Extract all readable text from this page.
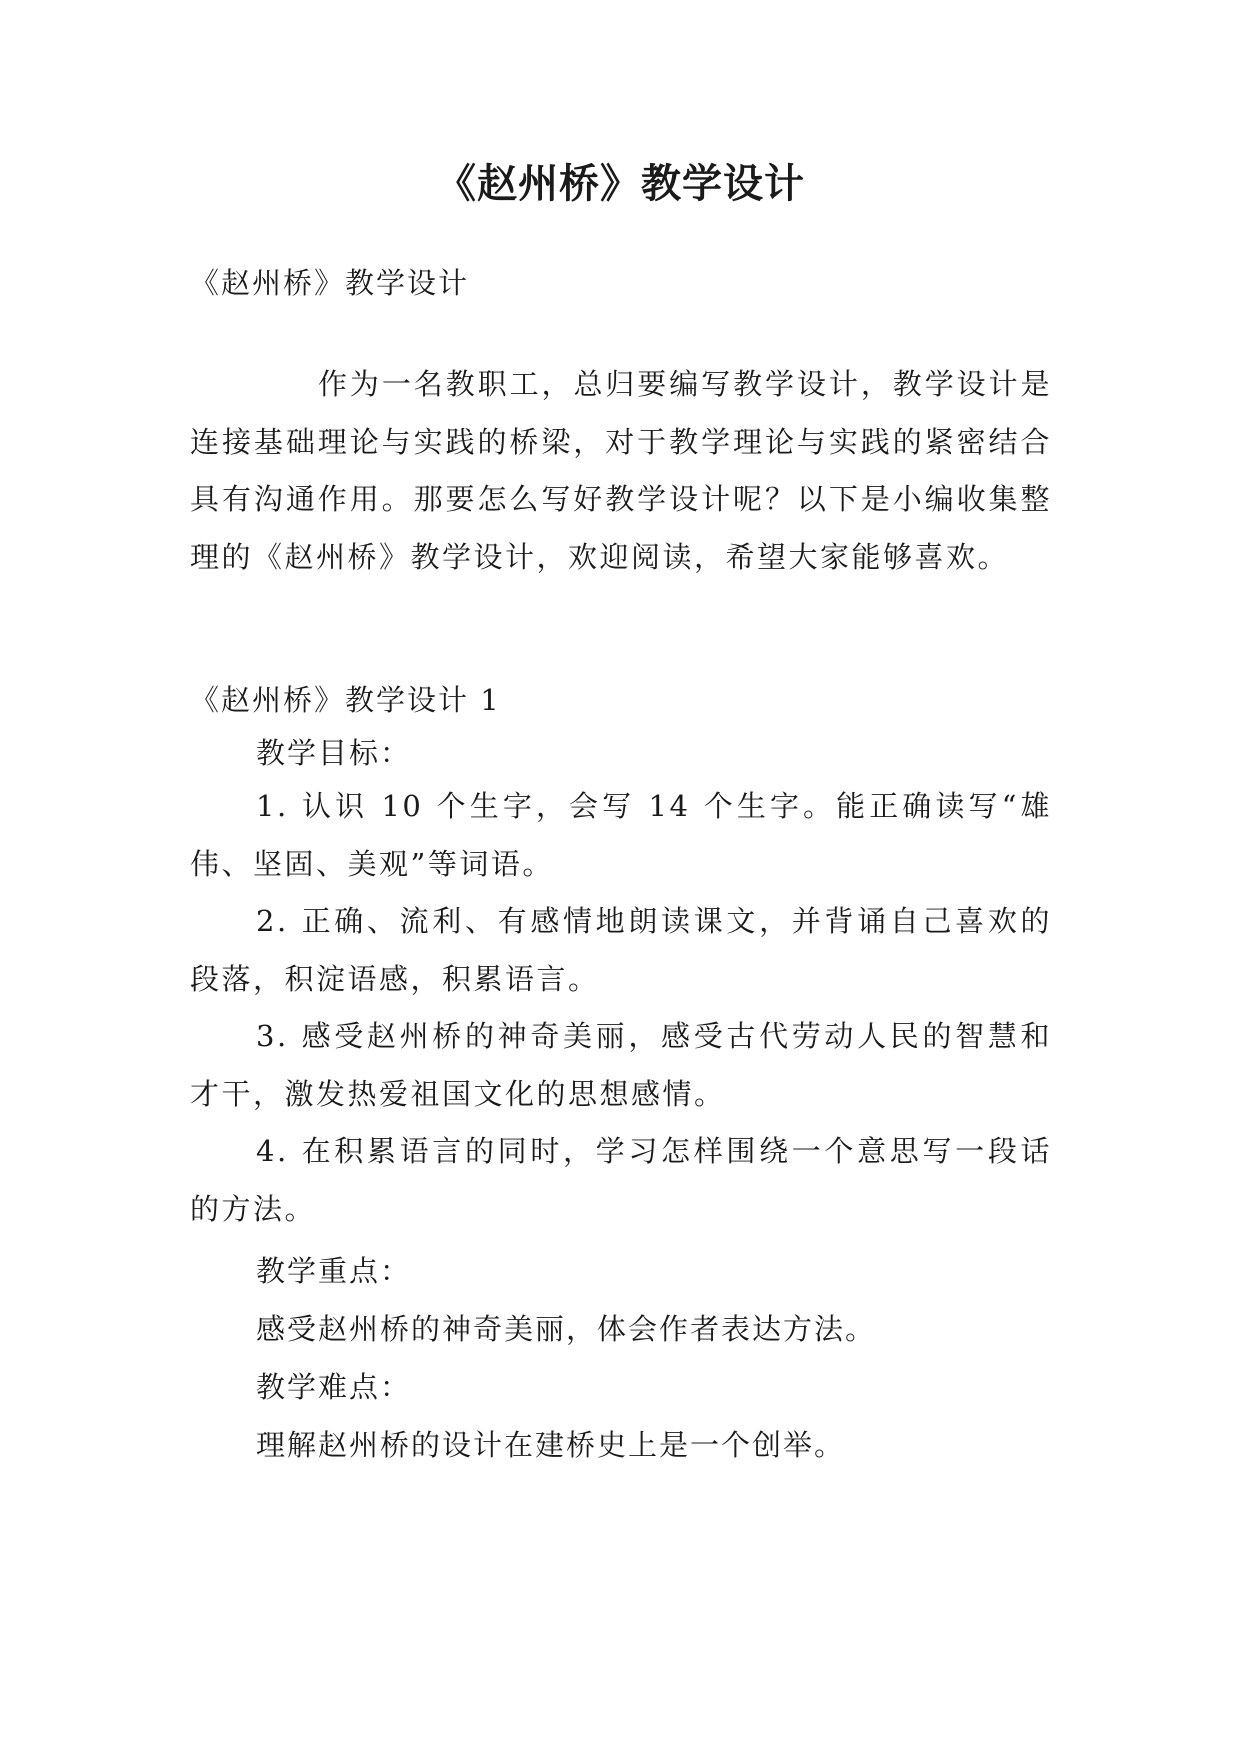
《赵州桥》教学设计
《赵州桥》教学设计
作为一名教职工，总归要编写教学设计，教学设计是连接基础理论与实践的桥梁，对于教学理论与实践的紧密结合具有沟通作用。那要怎么写好教学设计呢？以下是小编收集整理的《赵州桥》教学设计，欢迎阅读，希望大家能够喜欢。
《赵州桥》教学设计 1
教学目标：
1. 认识 10 个生字，会写 14 个生字。能正确读写“雄伟、坚固、美观”等词语。
2. 正确、流利、有感情地朗读课文，并背诵自己喜欢的段落，积淀语感，积累语言。
3. 感受赵州桥的神奇美丽，感受古代劳动人民的智慧和才干，激发热爱祖国文化的思想感情。
4. 在积累语言的同时，学习怎样围绕一个意思写一段话的方法。
教学重点：
感受赵州桥的神奇美丽，体会作者表达方法。
教学难点：
理解赵州桥的设计在建桥史上是一个创举。
